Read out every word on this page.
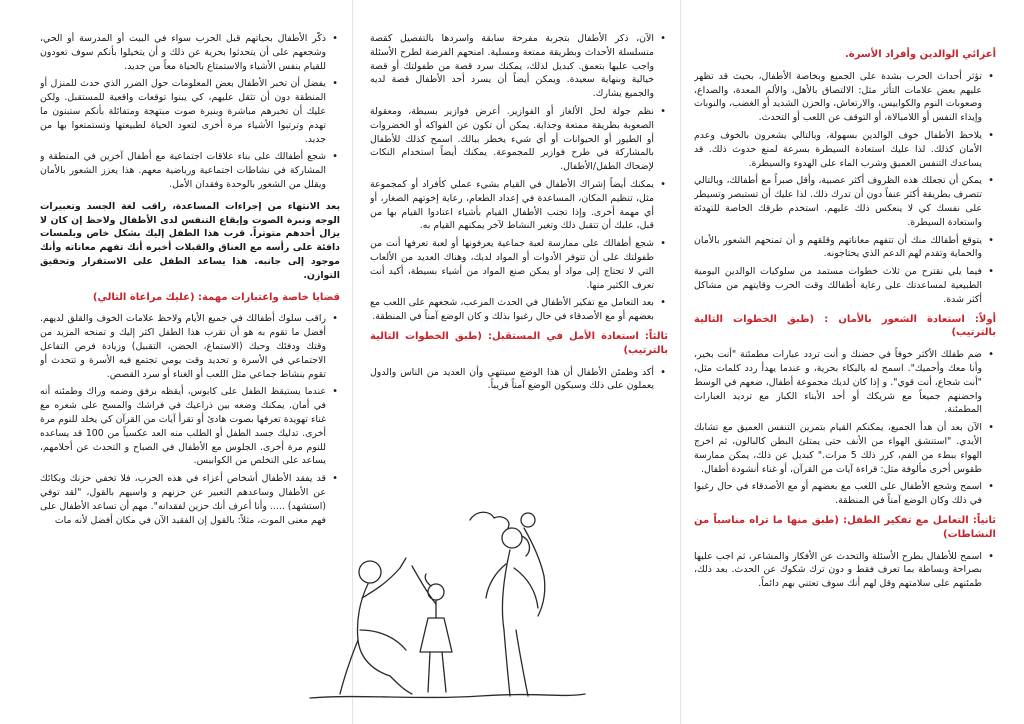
أعزائي الوالدين وأفراد الأسرة.
• تؤثر أحداث الحرب بشدة على الجميع وبخاصة الأطفال، بحيث قد تظهر عليهم بعض علامات التأثر مثل: الالتصاق بالأهل، والألم المعدة، والصداع، وصعوبات النوم والكوابيس، والارتعاش، والحزن الشديد أو الغضب، والنوبات وإيذاء النفس أو اللامبالاة، أو التوقف عن اللعب أو التحدث.
• يلاحظ الأطفال خوف الوالدين بسهولة، وبالتالي يشعرون بالخوف وعدم الأمان كذلك. لذا عليك استعادة السيطرة بسرعة لمنع حدوث ذلك. قد يساعدك التنفس العميق وشرب الماء على الهدوء والسيطرة.
• يمكن أن تجعلك هذه الظروف أكثر عصبية، وأقل صبراً مع أطفالك، وبالتالي تتصرف بطريقة أكثر عنفاً دون أن تدرك ذلك. لذا عليك أن تستبصر وتسيطر على نفسك كي لا ينعكس ذلك عليهم. استخدم طرقك الخاصة للتهدئة واستعادة السيطرة.
• يتوقع أطفالك منك أن تتفهم معاناتهم وقلقهم و أن تمنحهم الشعور بالأمان والحماية وتقدم لهم الدعم الذي يحتاجونه.
• فيما يلي نقترح من ثلاث خطوات مستمد من سلوكيات الوالدين اليومية الطبيعية لمساعدتك على رعاية أطفالك وقت الحرب وقايتهم من مشاكل أكثر شدة.
أولاً: استعادة الشعور بالأمان : (طبق الخطوات التالية بالترتيب)
• ضم طفلك الأكثر خوفاً في حضنك و أنت تردد عبارات مطمئنة "أنت بخير، وأنا معك وأحميك". اسمح له بالبكاء بحرية، و عندما يهدأ ردد كلمات مثل، "أنت شجاع، أنت قوي". و إذا كان لديك مجموعة أطفال، ضعهم في الوسط واحضنهم جميعاً مع شريكك أو أحد الأبناء الكبار مع ترديد العبارات المطمئنة.
• الآن بعد أن هدأ الجميع، يمكنكم القيام بتمرين التنفس العميق مع تشابك الأيدي. "استنشق الهواء من الأنف حتى يمتلئ البطن كالبالون، ثم اخرج الهواء ببطء من الفم، كرر ذلك 5 مرات." كبديل عن ذلك، يمكن ممارسة طقوس أخرى مألوفة مثل: قراءة آيات من القرآن، أو غناء أنشودة أطفال.
• اسمح وشجع الأطفال على اللعب مع بعضهم أو مع الأصدقاء في حال رغبوا في ذلك وكان الوضع آمناً في المنطقة.
ثانياً: التعامل مع تفكير الطفل: (طبق منها ما تراه مناسباً من النشاطات)
• اسمح للأطفال بطرح الأسئلة والتحدث عن الأفكار والمشاعر، ثم اجب عليها بصراحة وبساطة بما تعرف فقط و دون ترك شكوك عن الحدث. بعد ذلك، طمئنهم على سلامتهم وقل لهم أنك سوف تعتني بهم دائماً.
• الآن، ذكر الأطفال بتجربة مفرحة سابقة واسردها بالتفصيل كقصة متسلسلة الأحداث وبطريقة ممتعة ومسلية. امنحهم الفرصة لطرح الأسئلة واجب عليها بتعمق. كبديل لذلك، يمكنك سرد قصة من طفولتك أو قصة خيالية وبنهاية سعيدة. ويمكن أيضاً أن يسرد أحد الأطفال قصة لديه والجميع يشارك.
• نظم جولة لحل الألغاز أو الفوازير. أعرض فوازير بسيطة، ومعقولة الصعوبة بطريقة ممتعة وجذابة. يمكن أن تكون عن الفواكه أو الخضروات أو الطيور أو الحيوانات أو أي شيء يخطر ببالك. اسمح كذلك للأطفال بالمشاركة في طرح فوازير للمجموعة. يمكنك أيضاً استخدام النكات لإضحاك الطفل/الأطفال.
• يمكنك أيضاً إشراك الأطفال في القيام بشيء عملي كأفراد أو كمجموعة مثل، تنظيم المكان، المساعدة في إعداد الطعام، رعاية إخوتهم الصغار، أو أي مهمة أخرى. وإذا تجنب الأطفال القيام بأشياء اعتادوا القيام بها من قبل، عليك أن تتقبل ذلك وتغير النشاط لآخر يمكنهم القيام به.
• شجع أطفالك على ممارسة لعبة جماعية يعرفونها أو لعبة تعرفها أنت من طفولتك على أن تتوفر الأدوات أو المواد لديك، وهناك العديد من الألعاب التي لا تحتاج إلى مواد أو يمكن صنع المواد من أشياء بسيطة، أكيد أنت تعرف الكثير منها.
• بعد التعامل مع تفكير الأطفال في الحدث المرعب، شجعهم على اللعب مع بعضهم أو مع الأصدقاء في حال رغبوا بذلك و كان الوضع آمناً في المنطقة.
ثالثاً: استعادة الأمل في المستقبل: (طبق الخطوات التالية بالترتيب)
• أكد وطمئن الأطفال أن هذا الوضع سينتهي وأن العديد من الناس والدول يعملون على ذلك وسيكون الوضع آمناً قريباً.
• ذكّر الأطفال بحياتهم قبل الحرب سواء في البيت أو المدرسة أو الحي، وشجعهم على أن يتحدثوا بحرية عن ذلك و أن يتخيلوا بأنكم سوف تعودون للقيام بنفس الأشياء والاستمتاع بالحياة معاً من جديد.
• يفضل أن تخبر الأطفال بعض المعلومات حول الضرر الذي حدث للمنزل أو المنطقة دون أن تثقل عليهم، كي يبنوا توقعات واقعية للمستقبل. ولكن عليك أن تخبرهم مباشرة وبنبرة صوت مبتهجة ومتفائلة بأنكم ستبنون ما تهدم وترتبوا الأشياء مرة أخرى لتعود الحياة لطبيعتها وتستمتعوا بها من جديد.
• شجع أطفالك على بناء علاقات اجتماعية مع أطفال آخرين في المنطقة و المشاركة في نشاطات اجتماعية ورياضية معهم. هذا يعزز الشعور بالأمان ويقلل من الشعور بالوحدة وفقدان الأمل.
بعد الانتهاء من إجراءات المساعدة، راقب لغة الجسد وتعبيرات الوجه ونبرة الصوت وإيقاع التنفس لدى الأطفال ولاحظ إن كان لا يزال أحدهم متوتراً. قرب هذا الطفل إليك بشكل خاص وبلمسات دافئة على رأسه مع العناق والقبلات أخبره أنك تفهم معاناته وأنك موجود إلى جانبه. هذا يساعد الطفل على الاستقرار وتحقيق التوازن.
قضايا خاصة واعتبارات مهمة: (عليك مراعاة التالي)
• راقب سلوك أطفالك في جميع الأيام ولاحظ علامات الخوف والقلق لديهم. أفضل ما تقوم به هو أن تقرب هذا الطفل اكثر إليك و تمنحه المزيد من وقتك ودفئك وحبك (الاستماع، الحضن، التقبيل) وزيادة فرص التفاعل الاجتماعي في الأسرة و تحديد وقت يومي تجتمع فيه الأسرة و تتحدث أو تقوم بنشاط جماعي مثل اللعب أو الغناء أو سرد القصص.
• عندما يستيقظ الطفل على كابوس، أيقظه برفق وضمه وراك وطمئنه أنه في أمان. يمكنك وضعه بين ذراعيك في فراشك والمسح على شعره مع غناء تهويدة تعرفها بصوت هادئ أو تقرأ آيات من القرآن كي يخلد للنوم مرة أخرى. تدليك جسد الطفل أو الطلب منه العد عكسياً من 100 قد يساعده للنوم مرة أخرى. الجلوس مع الأطفال في الصباح و التحدث عن أحلامهم، يساعد على التخلص من الكوابيس.
• قد يفقد الأطفال أشخاص أعزاء في هذه الحرب، فلا تخفي حزنك وبكائك عن الأطفال وساعدهم التعبير عن حزنهم و واسيهم بالقول، "لقد توفي (استشهد) ..... وأنا أعرف أنك حزين لفقدانه". مهم أن تساعد الأطفال على فهم معنى الموت، مثلاً: بالقول إن الفقيد الآن في مكان أفضل لأنه مات
